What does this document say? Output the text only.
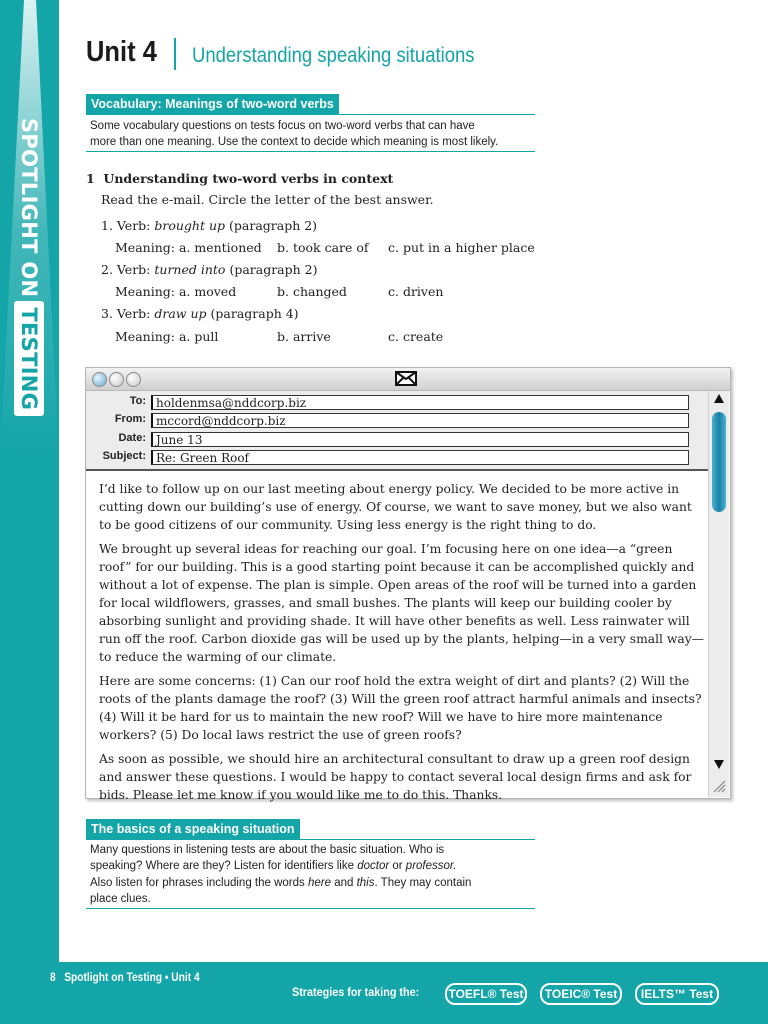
SPOTLIGHT ONTESTING
Unit 4 Understanding speaking situations
Vocabulary: Meanings of two-word verbs
Some vocabulary questions on tests focus on two-word verbs that can have
more than one meaning. Use the context to decide which meaning is most likely.
1 Understanding two-word verbs in context
Read the e-mail. Circle the letter of the best answer.
1. Verb: brought up (paragraph 2)
Meaning: a. mentioned b. took care of c. put in a higher place
2. Verb: turned into (paragraph 2)
Meaning: a. moved	b. changed	c. driven
3. Verb: draw up (paragraph 4)
Meaning: a. pull	b. arrive	c. create
To: holdenmsa@nddcorp.biz
From: mccord@nddcorp.biz
Date: June 13
Subject: Re: Green Roof

I’d like to follow up on our last meeting about energy policy. We decided to be more active in cutting down our building’s use of energy. Of course, we want to save money, but we also want to be good citizens of our community. Using less energy is the right thing to do.

We brought up several ideas for reaching our goal. I’m focusing here on one idea—a “green roof” for our building. This is a good starting point because it can be accomplished quickly and without a lot of expense. The plan is simple. Open areas of the roof will be turned into a garden for local wildflowers, grasses, and small bushes. The plants will keep our building cooler by absorbing sunlight and providing shade. It will have other benefits as well. Less rainwater will run off the roof. Carbon dioxide gas will be used up by the plants, helping—in a very small way—to reduce the warming of our climate.

Here are some concerns: (1) Can our roof hold the extra weight of dirt and plants? (2) Will the roots of the plants damage the roof? (3) Will the green roof attract harmful animals and insects? (4) Will it be hard for us to maintain the new roof? Will we have to hire more maintenance workers? (5) Do local laws restrict the use of green roofs?

As soon as possible, we should hire an architectural consultant to draw up a green roof design and answer these questions. I would be happy to contact several local design firms and ask for bids. Please let me know if you would like me to do this. Thanks.

The basics of a speaking situation
Many questions in listening tests are about the basic situation. Who is
speaking? Where are they? Listen for identifiers like doctor or professor.
Also listen for phrases including the words here and this. They may contain
place clues.
8 Spotlight on Testing • Unit 4
Strategies for taking the: TOEFL® Test	TOEIC® Test	IELTS™ Test
